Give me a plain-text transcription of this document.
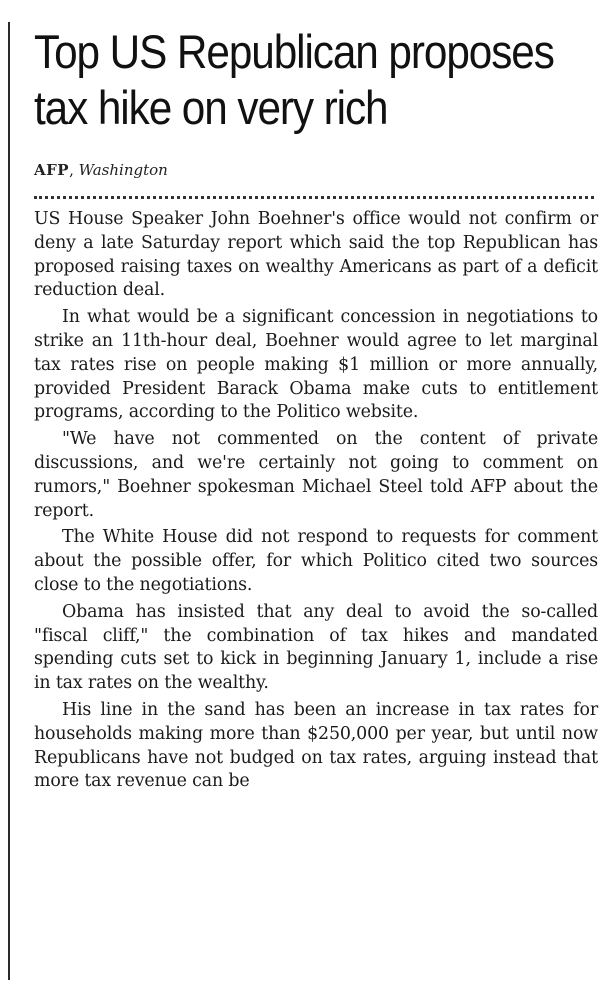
Top US Republican proposes tax hike on very rich
AFP, Washington

US House Speaker John Boehner's office would not confirm or deny a late Saturday report which said the top Republican has proposed raising taxes on wealthy Americans as part of a deficit reduction deal.

In what would be a significant concession in negotiations to strike an 11th-hour deal, Boehner would agree to let marginal tax rates rise on people making $1 million or more annually, provided President Barack Obama make cuts to entitlement programs, according to the Politico website.

"We have not commented on the content of private discussions, and we're certainly not going to comment on rumors," Boehner spokesman Michael Steel told AFP about the report.

The White House did not respond to requests for comment about the possible offer, for which Politico cited two sources close to the negotiations.

Obama has insisted that any deal to avoid the so-called "fiscal cliff," the combination of tax hikes and mandated spending cuts set to kick in beginning January 1, include a rise in tax rates on the wealthy.

His line in the sand has been an increase in tax rates for households making more than $250,000 per year, but until now Republicans have not budged on tax rates, arguing instead that more tax revenue can be
